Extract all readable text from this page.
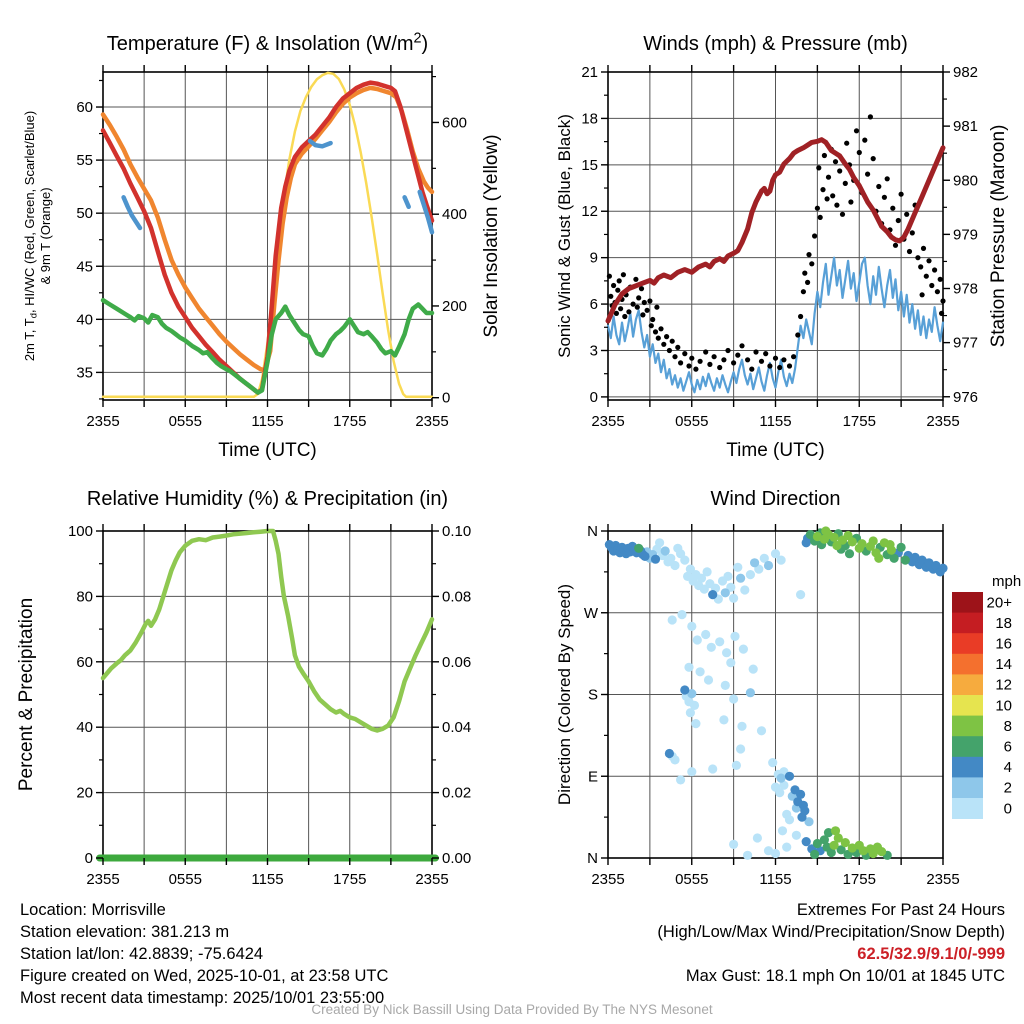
2355	0555	1155	1755	2355
Time (UTC)
35
40
45
50
55
60
0
200
400
600
Solar Insolation (Yellow)
2m T, $T_d$, HI/WC (Red, Green, Scarlet/Blue) & 9m T (Orange)
Temperature (F) & Insolation $(W/m^2)$
2355	0555	1155	1755	2355
Time (UTC)
0
3
6
9
12
15
18
21
976
977
978
979
980
981
982
Station Pressure (Maroon)
Sonic Wind & Gust (Blue, Black)
Winds (mph) & Pressure (mb)
2355	0555	1155	1755	2355
0
20
40
60
80
100
0.00
0.02
0.04
0.06
0.08
0.10
Percent & Precipitation
Relative Humidity (%) & Precipitation (in)
2355	0555	1155	1755	2355
N
W
S
E
N
Direction (Colored By Speed)
Wind Direction
mph
20+
18
16
14
12
10
8
6
4
2
0
Location: Morrisville
Station elevation: 381.213 m
Station lat/lon: 42.8839; -75.6424
Figure created on Wed, 2025-10-01, at 23:58 UTC
Most recent data timestamp: 2025/10/01 23:55:00
Extremes For Past 24 Hours
(High/Low/Max Wind/Precipitation/Snow Depth)
62.5/32.9/9.1/0/-999
Max Gust: 18.1 mph On 10/01 at 1845 UTC
Created By Nick Bassill Using Data Provided By The NYS Mesonet
